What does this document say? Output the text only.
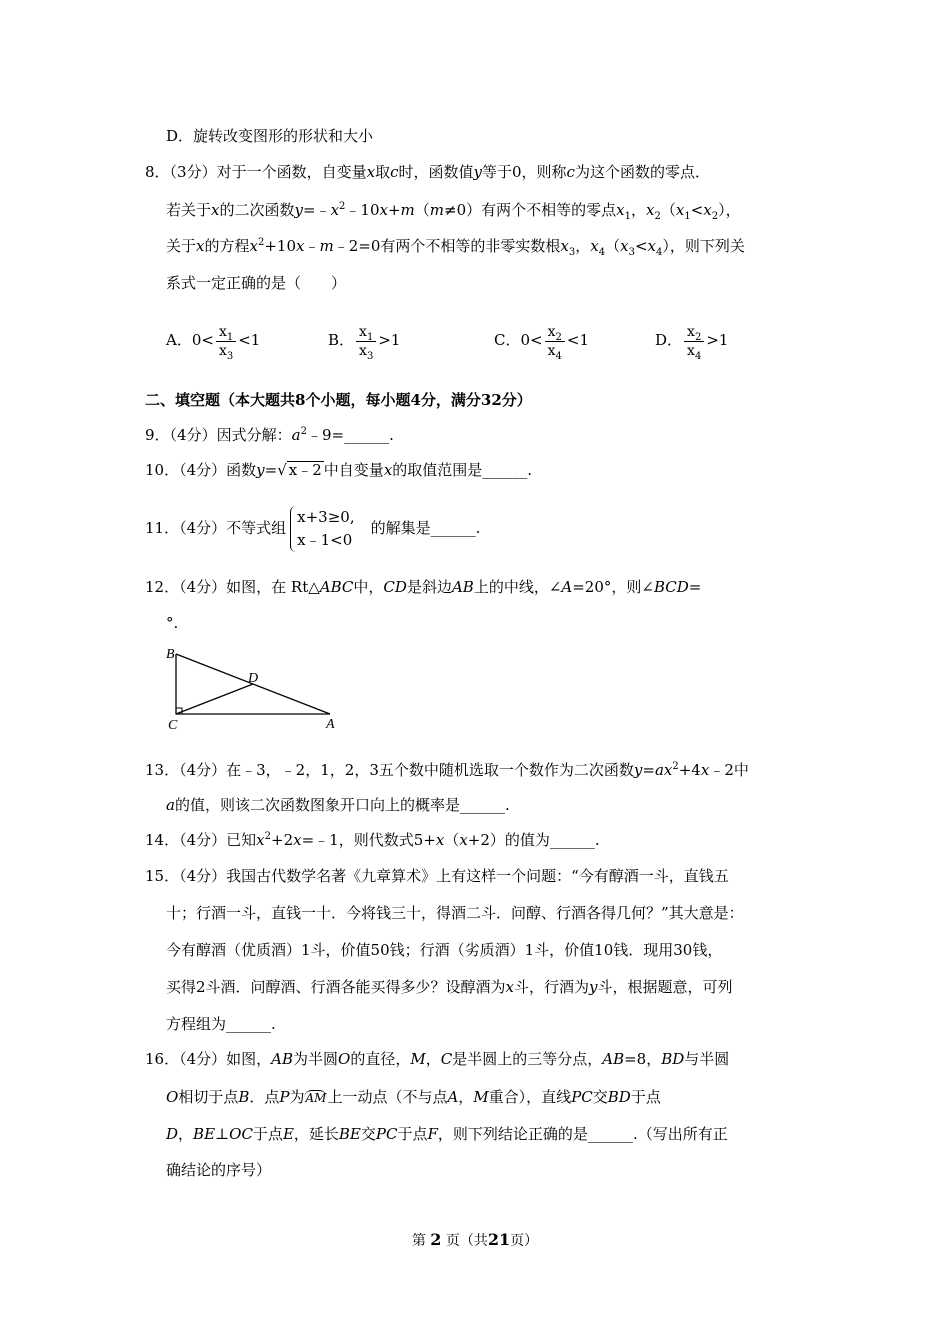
D．旋转改变图形的形状和大小
8．（3分）对于一个函数，自变量x取c时，函数值y等于0，则称c为这个函数的零点．
若关于x的二次函数$y=﹣x^2﹣10x+m(m\ne 0)$有两个不相等的零点$x_1$，$x_2(x_1<x_2)$，
关于x的方程$x^2+10x﹣m﹣2=0$有两个不相等的非零实数根$x_3$，$x_4(x_3<x_4)$，则下列关
系式一定正确的是（　　）
A．$0< \frac{x_1}{x_3} <1$	B． $\frac{x_1}{x_3} >1$	C．$0< \frac{x_2}{x_4} <1$	D． $\frac{x_2}{x_4} >1$
二、填空题（本大题共8个小题，每小题4分，满分32分）
9．（4分）因式分解：$a^2﹣9=\_\_\_\_\_\_$.
10．（4分）函数y=√ x﹣2 中自变量x的取值范围是______.
11．（4分）不等式组
x+3≥0,
x﹣1<0
的解集是______.
12．（4分）如图，在 Rt△ABC中，CD是斜边AB上的中线，∠A=20°，则∠BCD=
°.
B
D
C	A
13．（4分）在﹣3，﹣2，1，2，3五个数中随机选取一个数作为二次函数$y=ax^2+4x﹣2$中
a的值，则该二次函数图象开口向上的概率是______.
14．（4分）已知$x^2+2x=﹣1$，则代数式5+x（x+2）的值为______.
15．（4分）我国古代数学名著《九章算术》上有这样一个问题：“今有醇酒一斗，直钱五
十；行酒一斗，直钱一十．今将钱三十，得酒二斗．问醇、行酒各得几何？”其大意是：
今有醇酒（优质酒）1斗，价值50钱；行酒（劣质酒）1斗，价值10钱．现用30钱，
买得2斗酒．问醇酒、行酒各能买得多少？设醇酒为x斗，行酒为y斗，根据题意，可列
方程组为______.
16．（4分）如图，AB为半圆O的直径，M，C是半圆上的三等分点，AB=8，BD与半圆
O相切于点B．点P为AM上一动点（不与点A，M重合），直线PC交BD于点
D，BE⊥OC于点E，延长BE交PC于点F，则下列结论正确的是______.（写出所有正
确结论的序号）
第 2 页（共21页）
